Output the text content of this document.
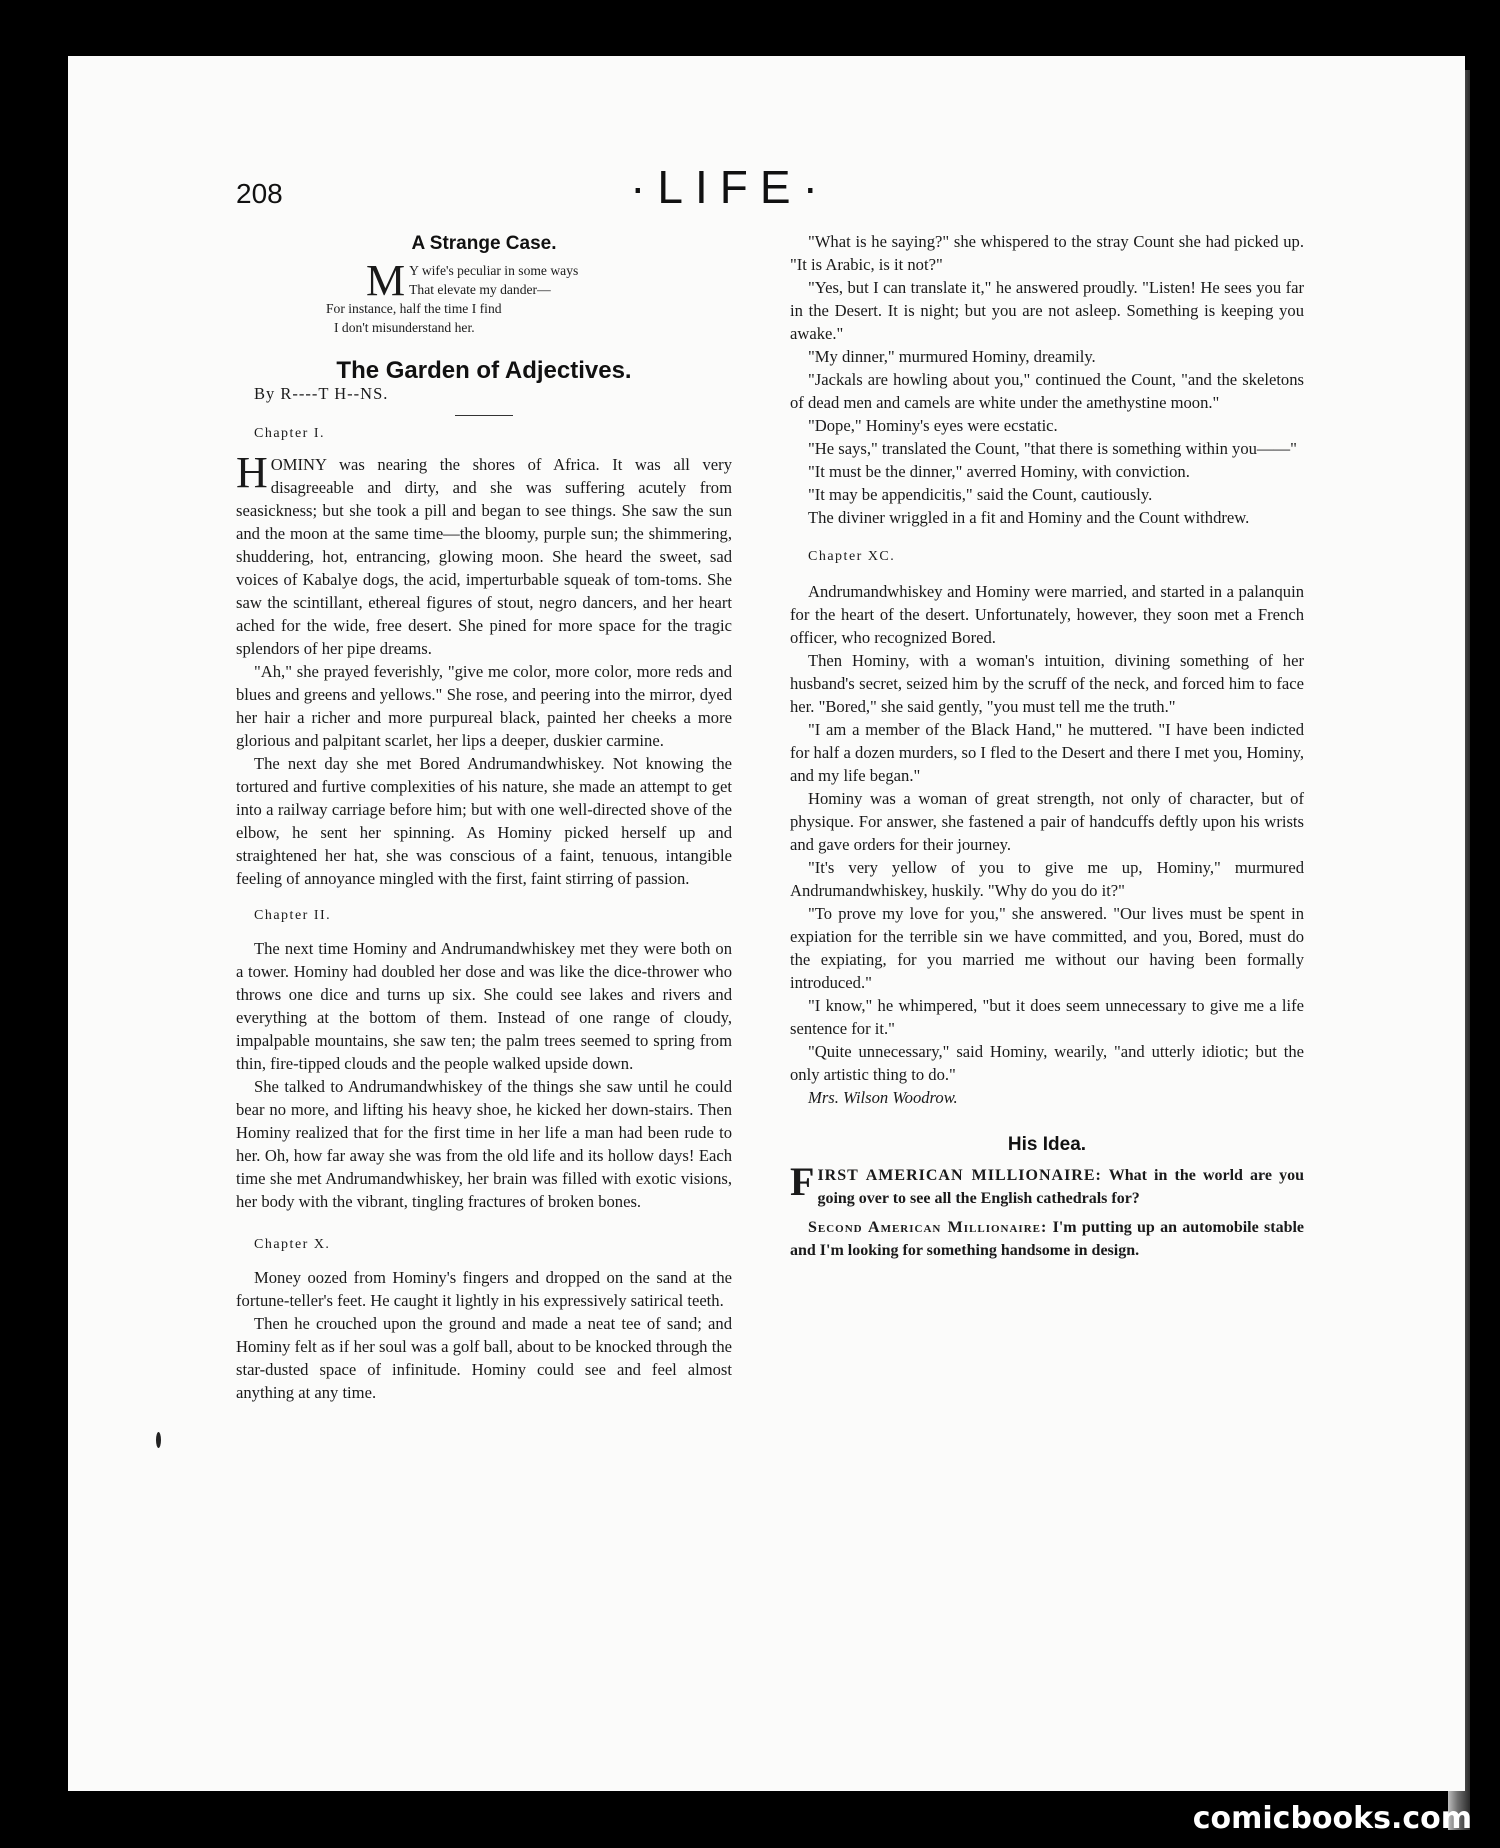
208	·LIFE·
A Strange Case.
M Y wife's peculiar in some ways
That elevate my dander—
For instance, half the time I find
I don't misunderstand her.
The Garden of Adjectives.

By R----T H--NS.

Chapter I.

HOMINY was nearing the shores of Africa. It was all very disagreeable and dirty, and she was suffering acutely from seasickness; but she took a pill and began to see things. She saw the sun and the moon at the same time—the bloomy, purple sun; the shimmering, shuddering, hot, entrancing, glowing moon. She heard the sweet, sad voices of Kabalye dogs, the acid, imperturbable squeak of tom-toms. She saw the scintillant, ethereal figures of stout, negro dancers, and her heart ached for the wide, free desert. She pined for more space for the tragic splendors of her pipe dreams.

"Ah," she prayed feverishly, "give me color, more color, more reds and blues and greens and yellows." She rose, and peering into the mirror, dyed her hair a richer and more purpureal black, painted her cheeks a more glorious and palpitant scarlet, her lips a deeper, duskier carmine.

The next day she met Bored Andrumandwhiskey. Not knowing the tortured and furtive complexities of his nature, she made an attempt to get into a railway carriage before him; but with one well-directed shove of the elbow, he sent her spinning. As Hominy picked herself up and straightened her hat, she was conscious of a faint, tenuous, intangible feeling of annoyance mingled with the first, faint stirring of passion.

Chapter II.

The next time Hominy and Andrumandwhiskey met they were both on a tower. Hominy had doubled her dose and was like the dice-thrower who throws one dice and turns up six. She could see lakes and rivers and everything at the bottom of them. Instead of one range of cloudy, impalpable mountains, she saw ten; the palm trees seemed to spring from thin, fire-tipped clouds and the people walked upside down.

She talked to Andrumandwhiskey of the things she saw until he could bear no more, and lifting his heavy shoe, he kicked her down-stairs. Then Hominy realized that for the first time in her life a man had been rude to her. Oh, how far away she was from the old life and its hollow days! Each time she met Andrumandwhiskey, her brain was filled with exotic visions, her body with the vibrant, tingling fractures of broken bones.

Chapter X.

Money oozed from Hominy's fingers and dropped on the sand at the fortune-teller's feet. He caught it lightly in his expressively satirical teeth.

Then he crouched upon the ground and made a neat tee of sand; and Hominy felt as if her soul was a golf ball, about to be knocked through the star-dusted space of infinitude. Hominy could see and feel almost anything at any time.

"What is he saying?" she whispered to the stray Count she had picked up. "It is Arabic, is it not?"

"Yes, but I can translate it," he answered proudly. "Listen! He sees you far in the Desert. It is night; but you are not asleep. Something is keeping you awake."

"My dinner," murmured Hominy, dreamily.

"Jackals are howling about you," continued the Count, "and the skeletons of dead men and camels are white under the amethystine moon."

"Dope," Hominy's eyes were ecstatic.

"He says," translated the Count, "that there is something within you——"

"It must be the dinner," averred Hominy, with conviction.

"It may be appendicitis," said the Count, cautiously.

The diviner wriggled in a fit and Hominy and the Count withdrew.

Chapter XC.

Andrumandwhiskey and Hominy were married, and started in a palanquin for the heart of the desert. Unfortunately, however, they soon met a French officer, who recognized Bored.

Then Hominy, with a woman's intuition, divining something of her husband's secret, seized him by the scruff of the neck, and forced him to face her. "Bored," she said gently, "you must tell me the truth."

"I am a member of the Black Hand," he muttered. "I have been indicted for half a dozen murders, so I fled to the Desert and there I met you, Hominy, and my life began."

Hominy was a woman of great strength, not only of character, but of physique. For answer, she fastened a pair of handcuffs deftly upon his wrists and gave orders for their journey.

"It's very yellow of you to give me up, Hominy," murmured Andrumandwhiskey, huskily. "Why do you do it?"

"To prove my love for you," she answered. "Our lives must be spent in expiation for the terrible sin we have committed, and you, Bored, must do the expiating, for you married me without our having been formally introduced."

"I know," he whimpered, "but it does seem unnecessary to give me a life sentence for it."

"Quite unnecessary," said Hominy, wearily, "and utterly idiotic; but the only artistic thing to do."

Mrs. Wilson Woodrow.

His Idea.

FIRST AMERICAN MILLIONAIRE: What in the world are you going over to see all the English cathedrals for?

Second American Millionaire: I'm putting up an automobile stable and I'm looking for something handsome in design.

comicbooks.com
